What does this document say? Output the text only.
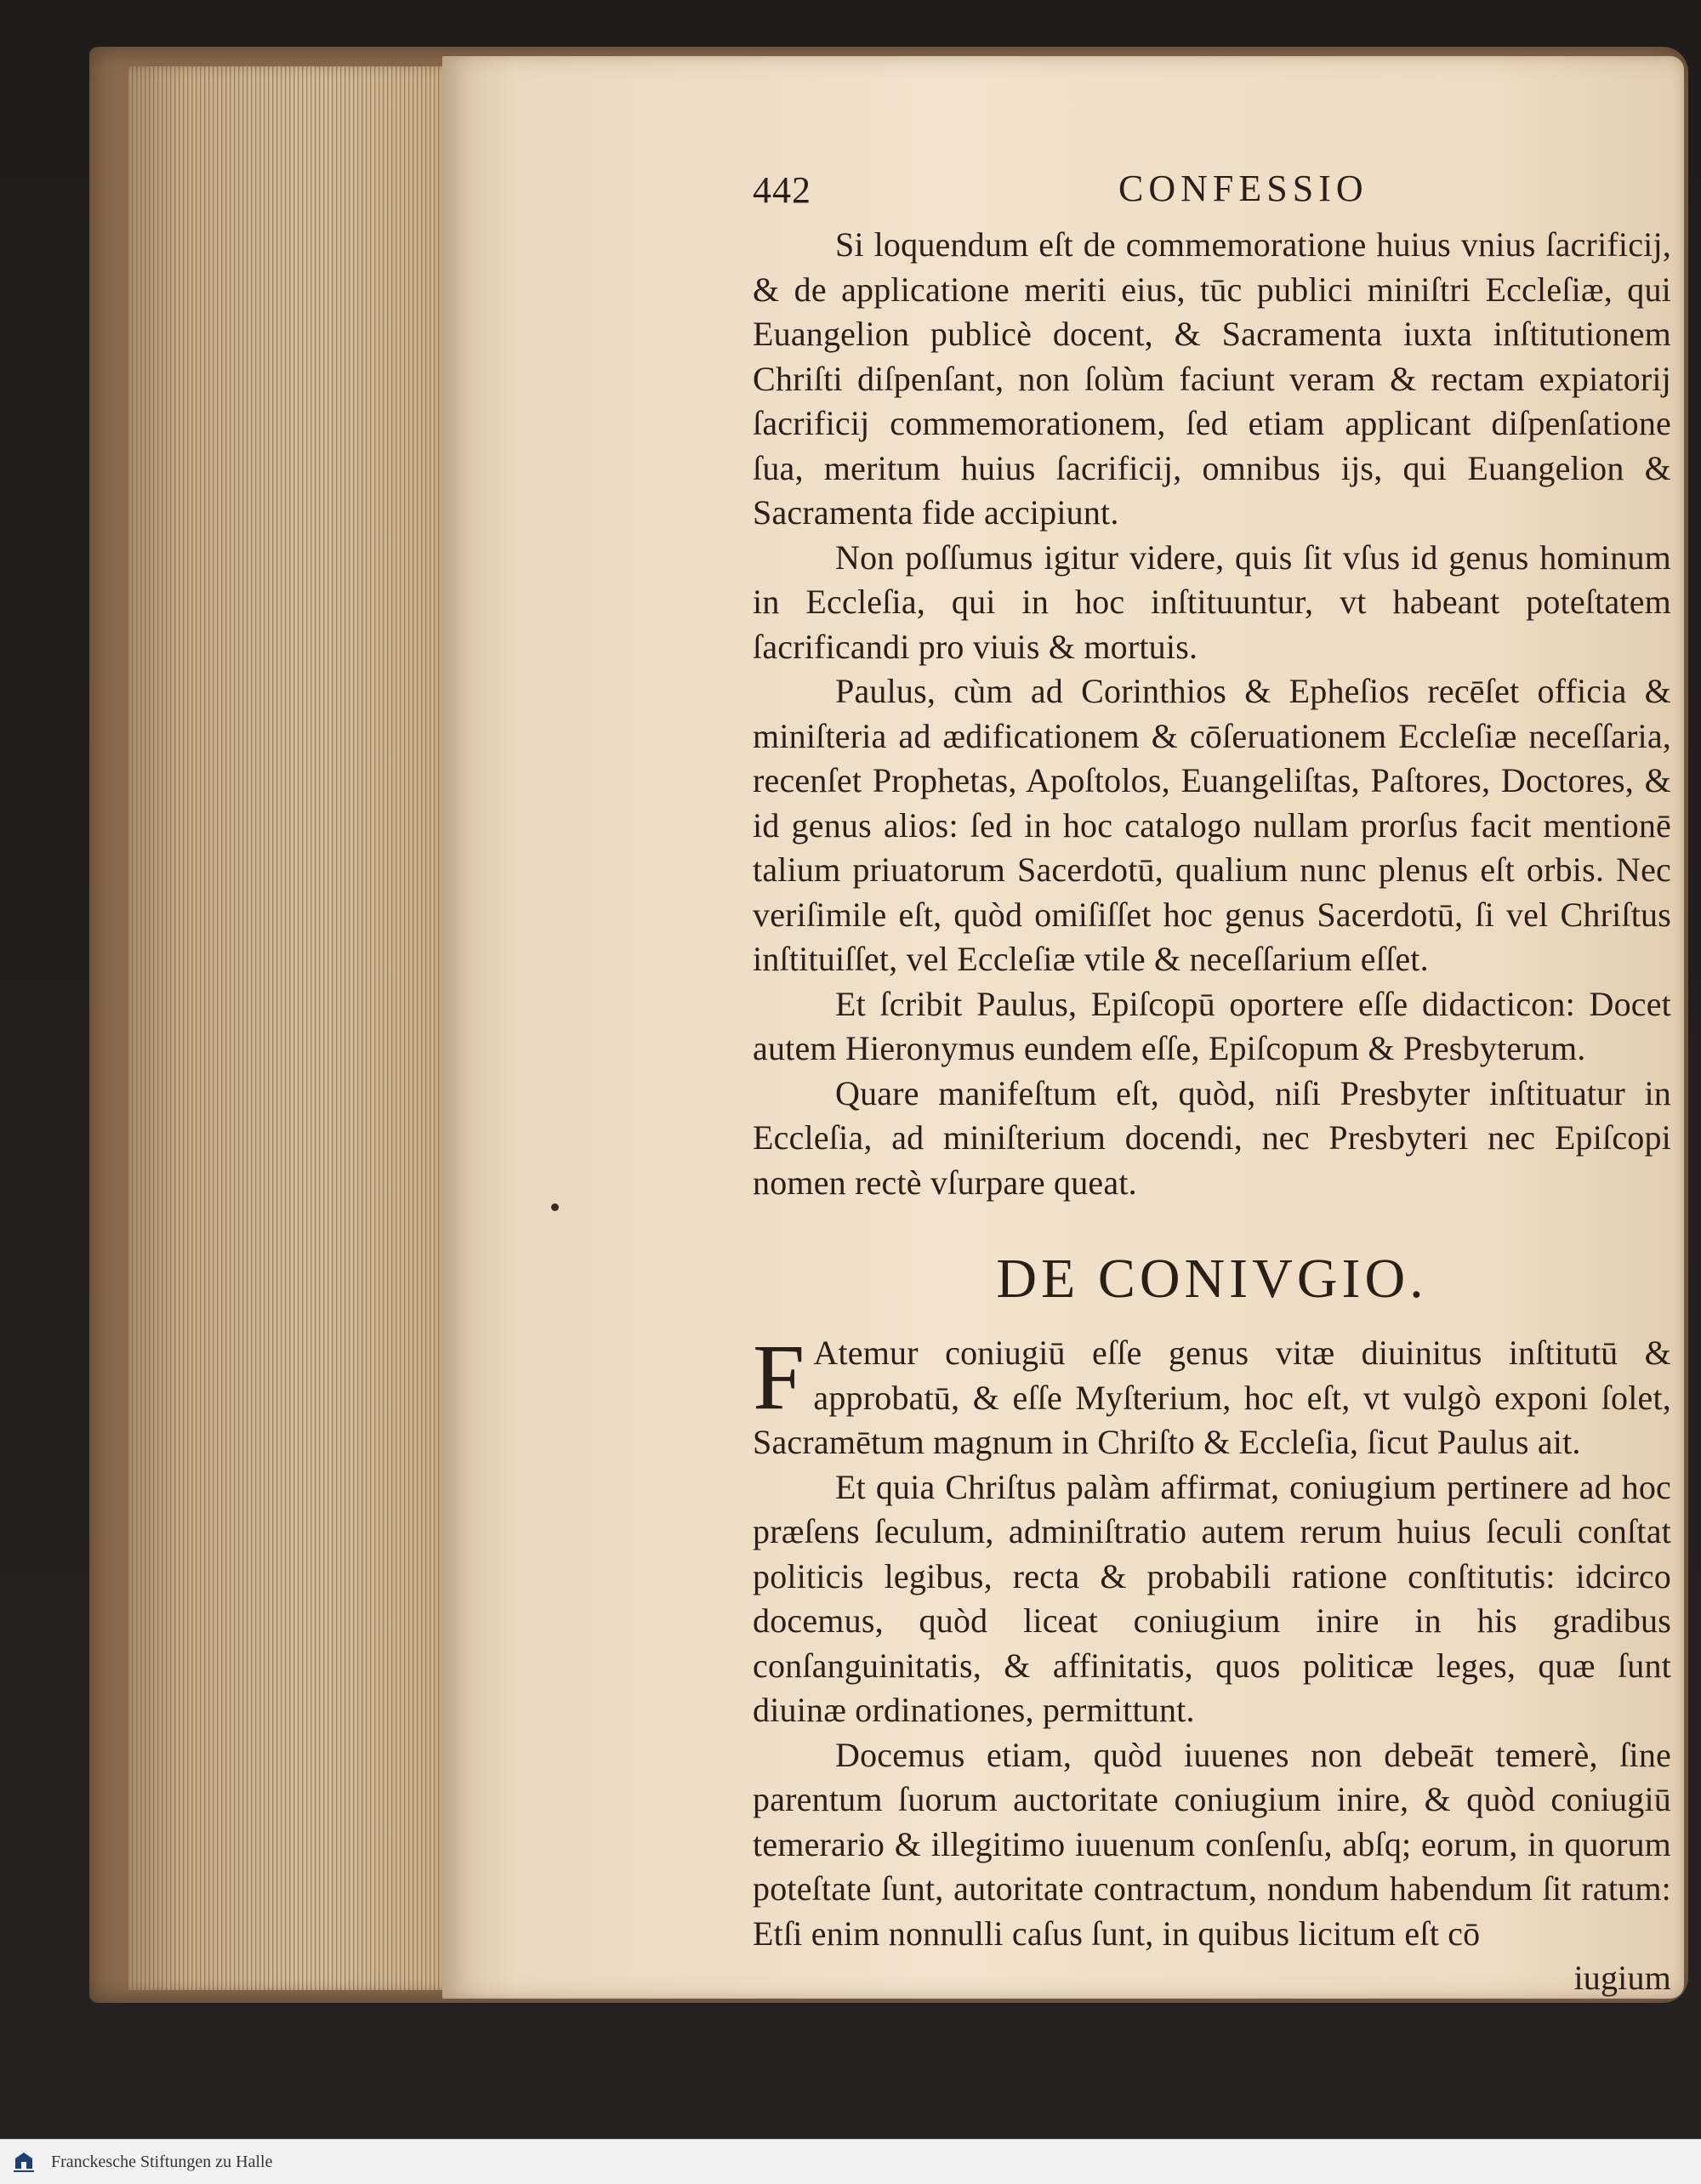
442	CONFESSIO

Si loquendum eſt de commemoratione huius vnius ſacrificij, & de applicatione meriti eius, tūc publici miniſtri Eccleſiæ, qui Euangelion publicè docent, & Sacramenta iuxta inſtitutionem Chriſti diſpenſant, non ſolùm faciunt veram & rectam expiatorij ſacrificij commemorationem, ſed etiam applicant diſpenſatione ſua, meritum huius ſacrificij, omnibus ijs, qui Euangelion & Sacramenta fide accipiunt.

Non poſſumus igitur videre, quis ſit vſus id genus hominum in Eccleſia, qui in hoc inſtituuntur, vt habeant poteſtatem ſacrificandi pro viuis & mortuis.

Paulus, cùm ad Corinthios & Epheſios recēſet officia & miniſteria ad ædificationem & cōſeruationem Eccleſiæ neceſſaria, recenſet Prophetas, Apoſtolos, Euangeliſtas, Paſtores, Doctores, & id genus alios: ſed in hoc catalogo nullam prorſus facit mentionē talium priuatorum Sacerdotū, qualium nunc plenus eſt orbis. Nec veriſimile eſt, quòd omiſiſſet hoc genus Sacerdotū, ſi vel Chriſtus inſtituiſſet, vel Eccleſiæ vtile & neceſſarium eſſet.

Et ſcribit Paulus, Epiſcopū oportere eſſe didacticon: Docet autem Hieronymus eundem eſſe, Epiſcopum & Presbyterum.

Quare manifeſtum eſt, quòd, niſi Presbyter inſtituatur in Eccleſia, ad miniſterium docendi, nec Presbyteri nec Epiſcopi nomen rectè vſurpare queat.

DE CONIVGIO.

F Atemur coniugiū eſſe genus vitæ diuinitus inſtitutū & approbatū, & eſſe Myſterium, hoc eſt, vt vulgò exponi ſolet, Sacramētum magnum in Chriſto & Eccleſia, ſicut Paulus ait.

Et quia Chriſtus palàm affirmat, coniugium pertinere ad hoc præſens ſeculum, adminiſtratio autem rerum huius ſeculi conſtat politicis legibus, recta & probabili ratione conſtitutis: idcirco docemus, quòd liceat coniugium inire in his gradibus conſanguinitatis, & affinitatis, quos politicæ leges, quæ ſunt diuinæ ordinationes, permittunt.

Docemus etiam, quòd iuuenes non debeāt temerè, ſine parentum ſuorum auctoritate coniugium inire, & quòd coniugiū temerario & illegitimo iuuenum conſenſu, abſq; eorum, in quorum poteſtate ſunt, autoritate contractum, nondum habendum ſit ratum: Etſi enim nonnulli caſus ſunt, in quibus licitum eſt cō

iugium

Franckesche Stiftungen zu Halle
